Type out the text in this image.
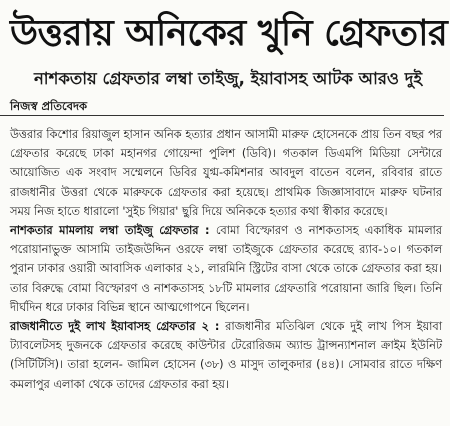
উত্তরায় অনিকের খুনি গ্রেফতার
নাশকতায় গ্রেফতার লম্বা তাইজু, ইয়াবাসহ আটক আরও দুই
নিজস্ব প্রতিবেদক

উত্তরার কিশোর রিয়াজুল হাসান অনিক হত্যার প্রধান আসামী মারুফ হোসেনকে প্রায় তিন বছর পর গ্রেফতার করেছে ঢাকা মহানগর গোয়েন্দা পুলিশ (ডিবি)। গতকাল ডিএমপি মিডিয়া সেন্টারে আয়োজিত এক সংবাদ সম্মেলনে ডিবির যুগ্ম-কমিশনার আবদুল বাতেন বলেন, রবিবার রাতে রাজধানীর উত্তরা থেকে মারুফকে গ্রেফতার করা হয়েছে। প্রাথমিক জিজ্ঞাসাবাদে মারুফ ঘটনার সময় নিজ হাতে ধারালো 'সুইচ গিয়ার' ছুরি দিয়ে অনিককে হত্যার কথা স্বীকার করেছে।

নাশকতার মামলায় লম্বা তাইজু গ্রেফতার : বোমা বিস্ফোরণ ও নাশকতাসহ একাধিক মামলার পরোয়ানাভুক্ত আসামি তাইজউদ্দিন ওরফে লম্বা তাইজুকে গ্রেফতার করেছে র‌্যাব-১০। গতকাল পুরান ঢাকার ওয়ারী আবাসিক এলাকার ২১, লারমিনি স্ট্রিটের বাসা থেকে তাকে গ্রেফতার করা হয়। তার বিরুদ্ধে বোমা বিস্ফোরণ ও নাশকতাসহ ১৮টি মামলার গ্রেফতারি পরোয়ানা জারি ছিল। তিনি দীর্ঘদিন ধরে ঢাকার বিভিন্ন স্থানে আত্মগোপনে ছিলেন।

রাজধানীতে দুই লাখ ইয়াবাসহ গ্রেফতার ২ : রাজধানীর মতিঝিল থেকে দুই লাখ পিস ইয়াবা ট্যাবলেটসহ দুজনকে গ্রেফতার করেছে কাউন্টার টেরোরিজম অ্যান্ড ট্রান্সন্যাশনাল ক্রাইম ইউনিট (সিটিটিসি)। তারা হলেন- জামিল হোসেন (৩৮) ও মাসুদ তালুকদার (৪৪)। সোমবার রাতে দক্ষিণ কমলাপুর এলাকা থেকে তাদের গ্রেফতার করা হয়।
